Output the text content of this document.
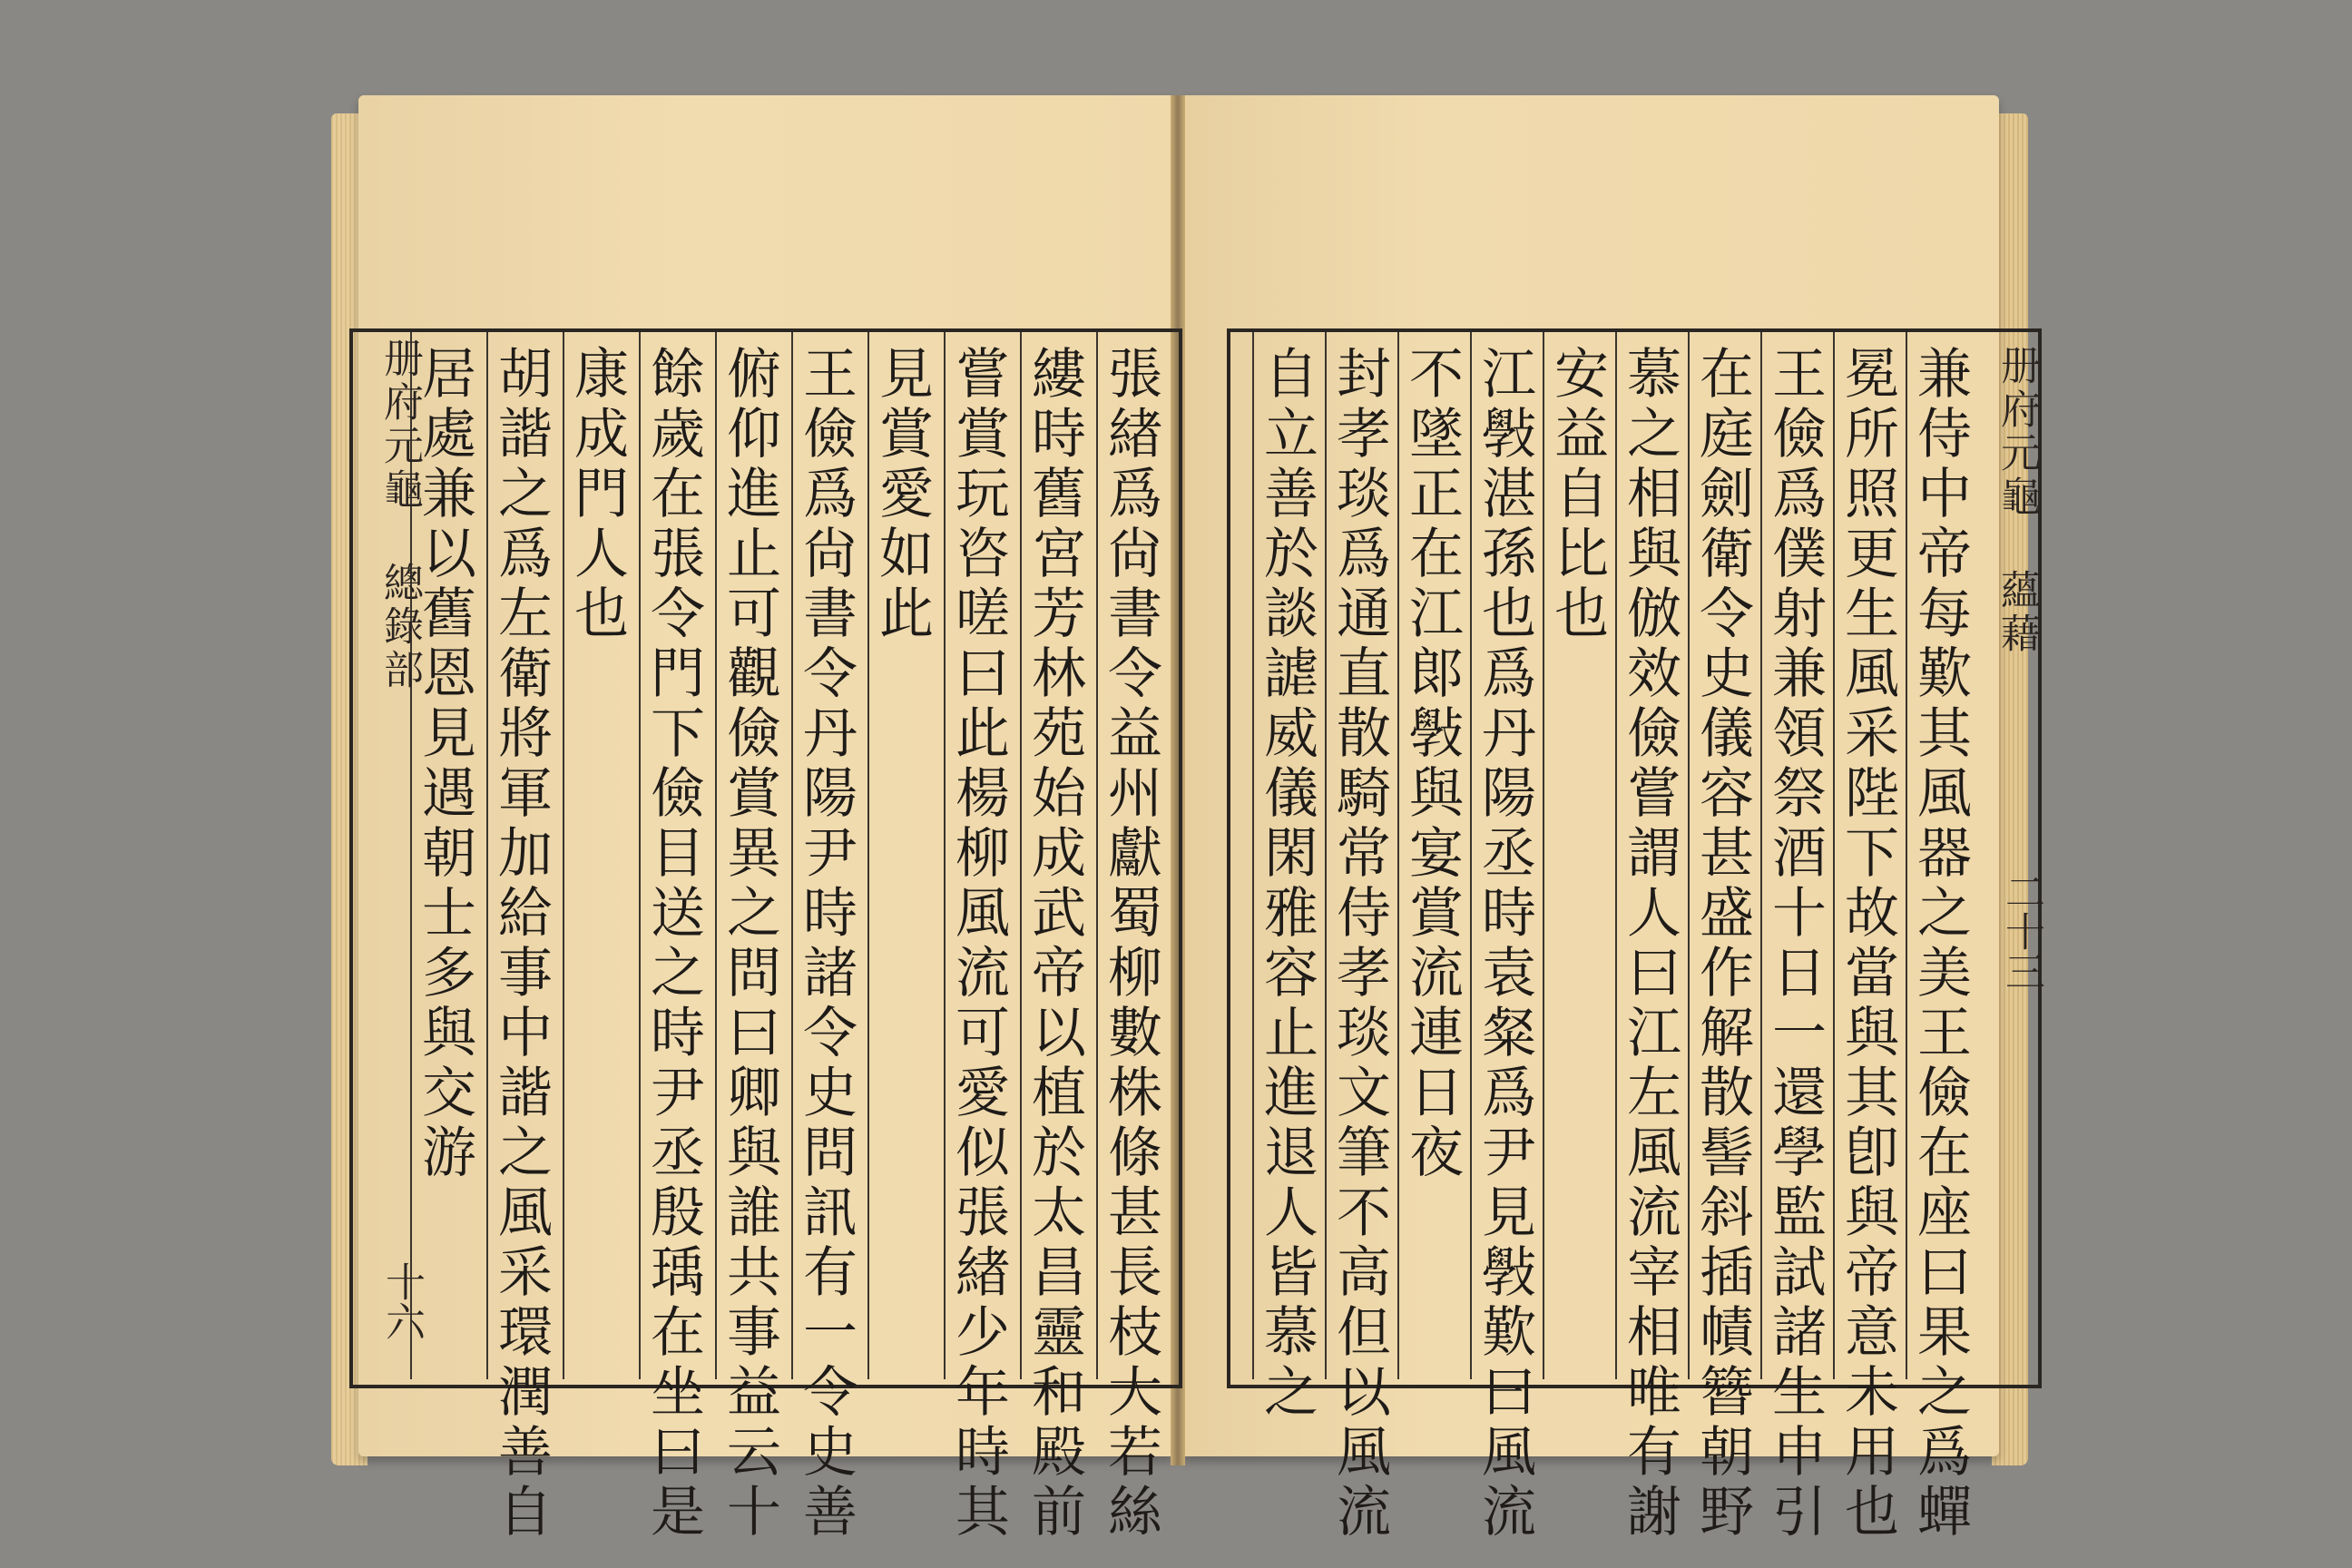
張緖爲尙書令益州獻蜀柳數株條甚長枝大若絲
縷時舊宮芳林苑始成武帝以植於太昌靈和殿前
嘗賞玩咨嗟曰此楊柳風流可愛似張緖少年時其
見賞愛如此
王儉爲尙書令丹陽尹時諸令史問訊有一令史善
俯仰進止可觀儉賞異之問曰卿與誰共事益云十
餘歲在張令門下儉目送之時尹丞殷瑀在坐曰是
康成門人也
胡諧之爲左衛將軍加給事中諧之風采環潤善自
居處兼以舊恩見遇朝士多與交游	兼侍中帝每歎其風器之美王儉在座曰果之爲蟬
冕所照更生風采陛下故當與其卽與帝意未用也
王儉爲僕射兼領祭酒十日一還學監試諸生申引
在庭劍衛令史儀容甚盛作解散髻斜插幘簪朝野
慕之相與倣效儉嘗謂人曰江左風流宰相唯有謝
安益自比也
江斅湛孫也爲丹陽丞時袁粲爲尹見斅歎曰風流
不墜正在江郞斅與宴賞流連日夜
封孝琰爲通直散騎常侍孝琰文筆不高但以風流
自立善於談謔威儀閑雅容止進退人皆慕之
册府元龜 總錄部
十六
册府元龜 蘊藉
二十三
